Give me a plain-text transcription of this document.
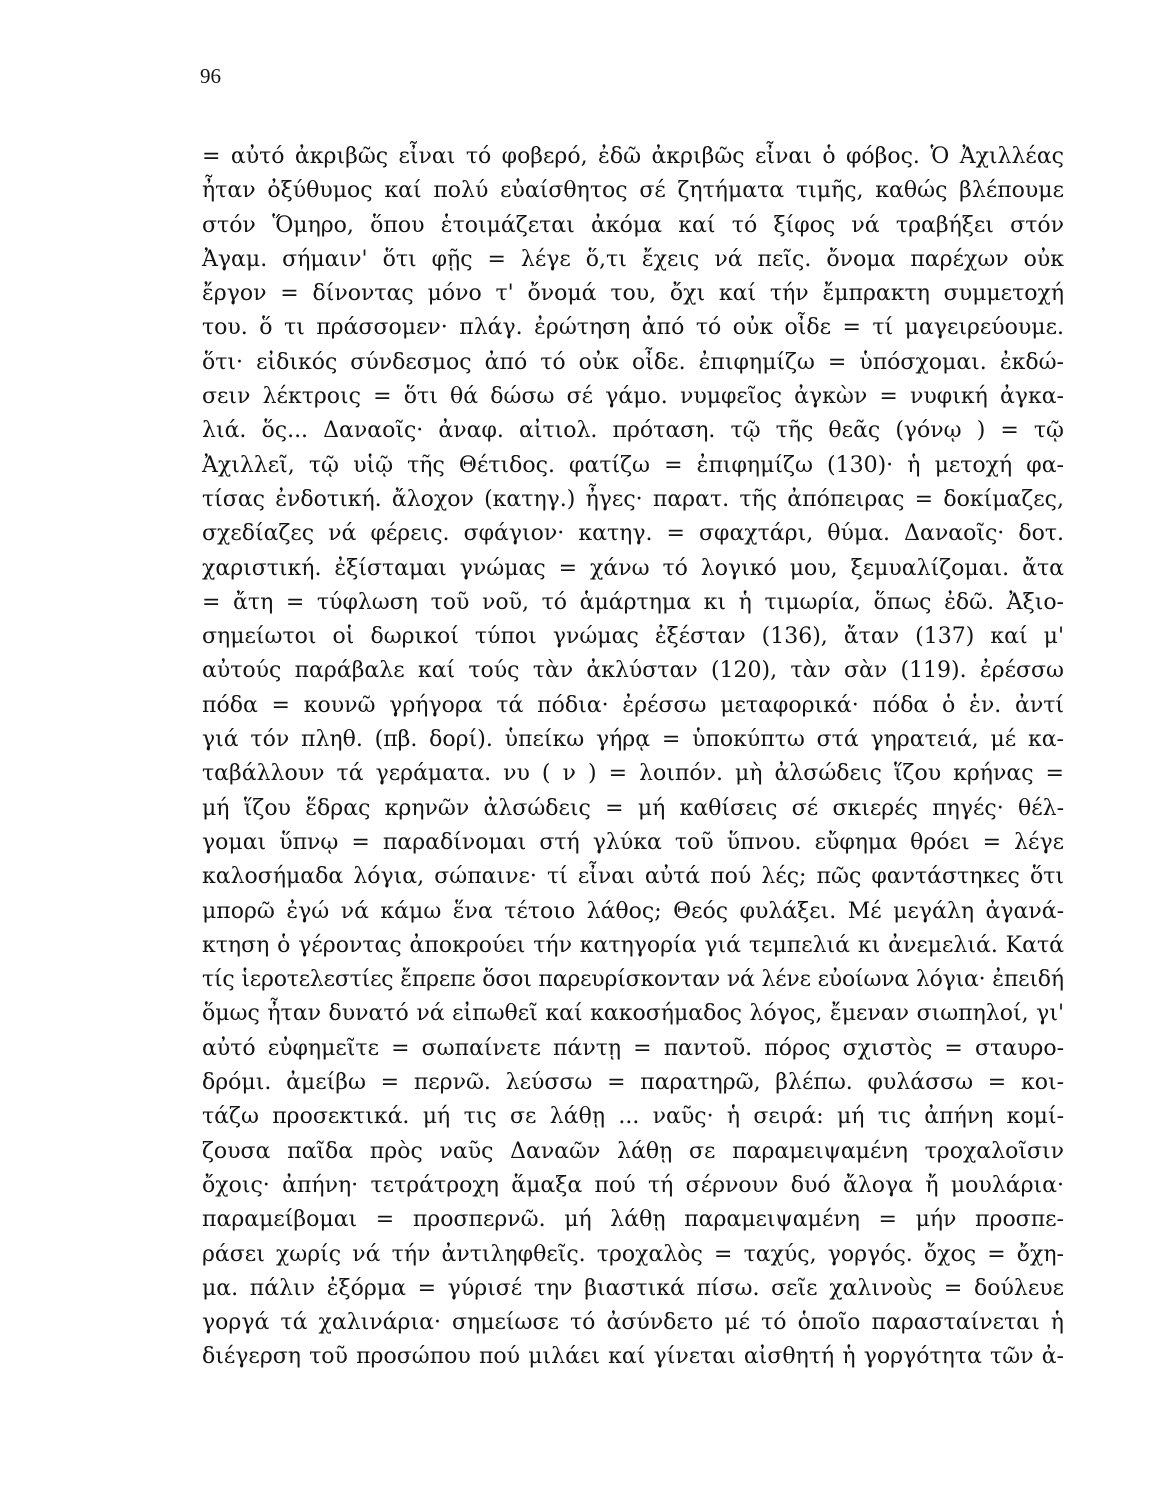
96

= αὐτό ἀκριβῶς εἶναι τό φοβερό, ἐδῶ ἀκριβῶς εἶναι ὁ φόβος. Ὁ Ἀχιλλέας
ἦταν ὀξύθυμος καί πολύ εὐαίσθητος σέ ζητήματα τιμῆς, καθώς βλέπουμε
στόν Ὅμηρο, ὅπου ἑτοιμάζεται ἀκόμα καί τό ξίφος νά τραβήξει στόν
Ἀγαμ. σήμαιν' ὅτι φῇς = λέγε ὅ,τι ἔχεις νά πεῖς. ὄνομα παρέχων οὐκ
ἔργον = δίνοντας μόνο τ' ὄνομά του, ὄχι καί τήν ἔμπρακτη συμμετοχή
του. ὅ τι πράσσομεν· πλάγ. ἐρώτηση ἀπό τό οὐκ οἶδε = τί μαγειρεύουμε.
ὅτι· εἰδικός σύνδεσμος ἀπό τό οὐκ οἶδε. ἐπιφημίζω = ὑπόσχομαι. ἐκδώ-
σειν λέκτροις = ὅτι θά δώσω σέ γάμο. νυμφεῖος ἀγκὼν = νυφική ἀγκα-
λιά. ὅς... Δαναοῖς· ἀναφ. αἰτιολ. πρόταση. τῷ τῆς θεᾶς (γόνῳ ) = τῷ
Ἀχιλλεῖ, τῷ υἱῷ τῆς Θέτιδος. φατίζω = ἐπιφημίζω (130)· ἡ μετοχή φα-
τίσας ἐνδοτική. ἄλοχον (κατηγ.) ἦγες· παρατ. τῆς ἀπόπειρας = δοκίμαζες,
σχεδίαζες νά φέρεις. σφάγιον· κατηγ. = σφαχτάρι, θύμα. Δαναοῖς· δοτ.
χαριστική. ἐξίσταμαι γνώμας = χάνω τό λογικό μου, ξεμυαλίζομαι. ἄτα
= ἄτη = τύφλωση τοῦ νοῦ, τό ἁμάρτημα κι ἡ τιμωρία, ὅπως ἐδῶ. Ἀξιο-
σημείωτοι οἱ δωρικοί τύποι γνώμας ἐξέσταν (136), ἄταν (137) καί μ'
αὐτούς παράβαλε καί τούς τὰν ἀκλύσταν (120), τὰν σὰν (119). ἐρέσσω
πόδα = κουνῶ γρήγορα τά πόδια· ἐρέσσω μεταφορικά· πόδα ὁ ἑν. ἀντί
γιά τόν πληθ. (πβ. δορί). ὑπείκω γήρᾳ = ὑποκύπτω στά γηρατειά, μέ κα-
ταβάλλουν τά γεράματα. νυ ( ν ) = λοιπόν. μὴ ἀλσώδεις ἵζου κρήνας =
μή ἵζου ἕδρας κρηνῶν ἀλσώδεις = μή καθίσεις σέ σκιερές πηγές· θέλ-
γομαι ὕπνῳ = παραδίνομαι στή γλύκα τοῦ ὕπνου. εὔφημα θρόει = λέγε
καλοσήμαδα λόγια, σώπαινε· τί εἶναι αὐτά πού λές; πῶς φαντάστηκες ὅτι
μπορῶ ἐγώ νά κάμω ἕνα τέτοιο λάθος; Θεός φυλάξει. Μέ μεγάλη ἀγανά-
κτηση ὁ γέροντας ἀποκρούει τήν κατηγορία γιά τεμπελιά κι ἀνεμελιά. Κατά
τίς ἱεροτελεστίες ἔπρεπε ὅσοι παρευρίσκονταν νά λένε εὐοίωνα λόγια· ἐπειδή
ὅμως ἦταν δυνατό νά εἰπωθεῖ καί κακοσήμαδος λόγος, ἔμεναν σιωπηλοί, γι'
αὐτό εὐφημεῖτε = σωπαίνετε πάντῃ = παντοῦ. πόρος σχιστὸς = σταυρο-
δρόμι. ἀμείβω = περνῶ. λεύσσω = παρατηρῶ, βλέπω. φυλάσσω = κοι-
τάζω προσεκτικά. μή τις σε λάθῃ ... ναῦς· ἡ σειρά: μή τις ἀπήνη κομί-
ζουσα παῖδα πρὸς ναῦς Δαναῶν λάθῃ σε παραμειψαμένη τροχαλοῖσιν
ὄχοις· ἀπήνη· τετράτροχη ἅμαξα πού τή σέρνουν δυό ἄλογα ἤ μουλάρια·
παραμείβομαι = προσπερνῶ. μή λάθῃ παραμειψαμένη = μήν προσπε-
ράσει χωρίς νά τήν ἀντιληφθεῖς. τροχαλὸς = ταχύς, γοργός. ὄχος = ὄχη-
μα. πάλιν ἐξόρμα = γύρισέ την βιαστικά πίσω. σεῖε χαλινοὺς = δούλευε
γοργά τά χαλινάρια· σημείωσε τό ἀσύνδετο μέ τό ὁποῖο παρασταίνεται ἡ
διέγερση τοῦ προσώπου πού μιλάει καί γίνεται αἰσθητή ἡ γοργότητα τῶν ἀ-
